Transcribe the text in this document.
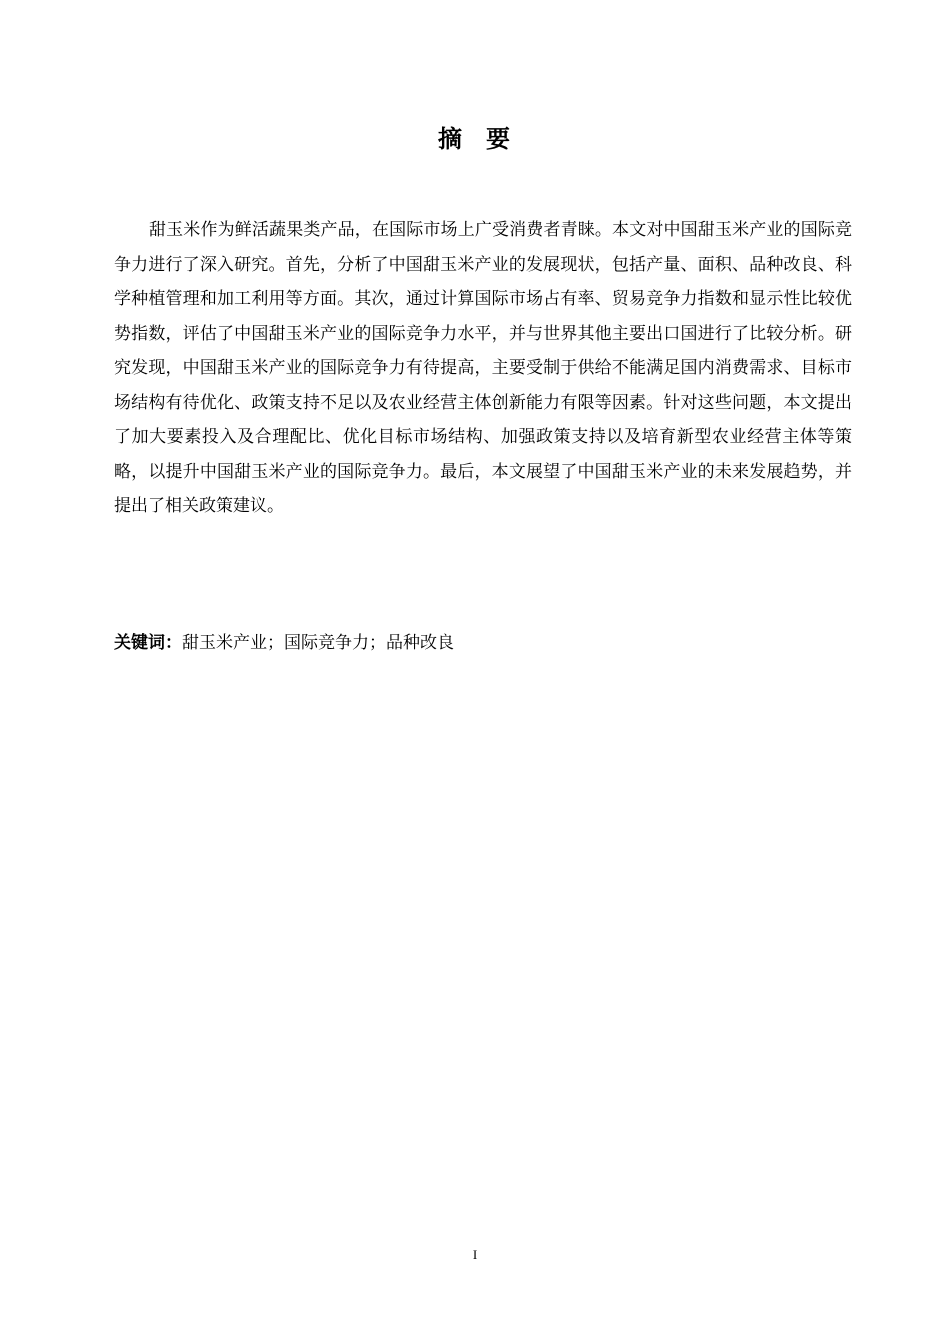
摘 要

甜玉米作为鲜活蔬果类产品，在国际市场上广受消费者青睐。本文对中国甜玉米产业的国际竞争力进行了深入研究。首先，分析了中国甜玉米产业的发展现状，包括产量、面积、品种改良、科学种植管理和加工利用等方面。其次，通过计算国际市场占有率、贸易竞争力指数和显示性比较优势指数，评估了中国甜玉米产业的国际竞争力水平，并与世界其他主要出口国进行了比较分析。研究发现，中国甜玉米产业的国际竞争力有待提高，主要受制于供给不能满足国内消费需求、目标市场结构有待优化、政策支持不足以及农业经营主体创新能力有限等因素。针对这些问题，本文提出了加大要素投入及合理配比、优化目标市场结构、加强政策支持以及培育新型农业经营主体等策略，以提升中国甜玉米产业的国际竞争力。最后，本文展望了中国甜玉米产业的未来发展趋势，并提出了相关政策建议。

关键词：甜玉米产业；国际竞争力；品种改良

I
